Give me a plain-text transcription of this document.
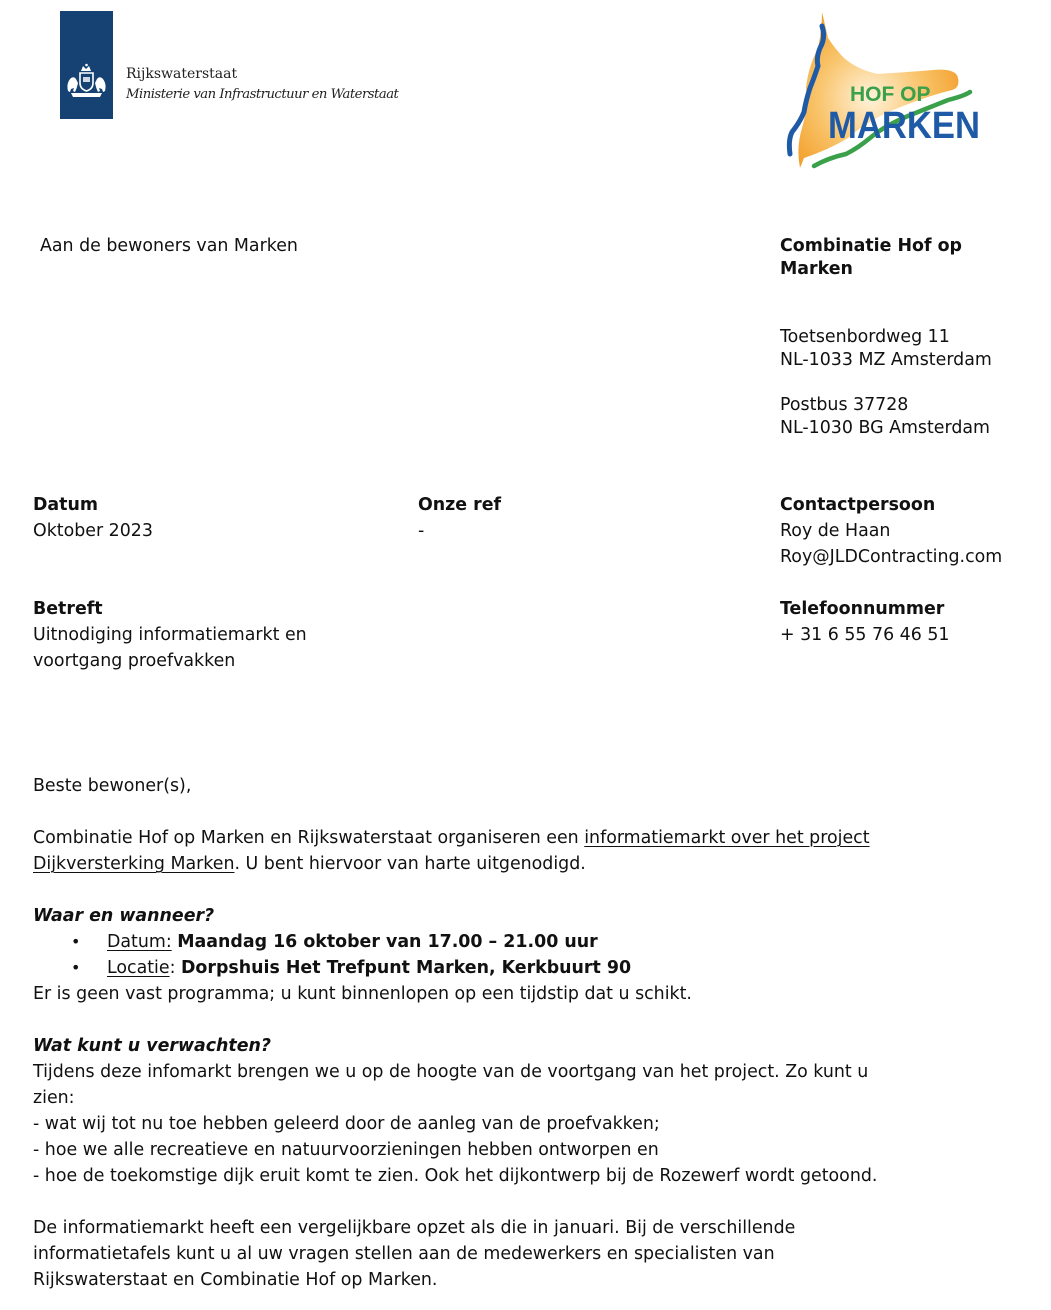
Rijkswaterstaat
Ministerie van Infrastructuur en Waterstaat	HOF OP
MARKEN
Aan de bewoners van Marken	Combinatie Hof op
Marken
Toetsenbordweg 11
NL-1033 MZ Amsterdam
Postbus 37728
NL-1030 BG Amsterdam
Datum
Oktober 2023
Onze ref
-
Contactpersoon
Roy de Haan
Roy@JLDContracting.com
Betreft
Uitnodiging informatiemarkt en
voortgang proefvakken
Telefoonnummer
+ 31 6 55 76 46 51
Beste bewoner(s),
Combinatie Hof op Marken en Rijkswaterstaat organiseren een informatiemarkt over het project
Dijkversterking Marken. U bent hiervoor van harte uitgenodigd.
Waar en wanneer?
• Datum: Maandag 16 oktober van 17.00 – 21.00 uur
• Locatie: Dorpshuis Het Trefpunt Marken, Kerkbuurt 90
Er is geen vast programma; u kunt binnenlopen op een tijdstip dat u schikt.
Wat kunt u verwachten?
Tijdens deze infomarkt brengen we u op de hoogte van de voortgang van het project. Zo kunt u
zien:
- wat wij tot nu toe hebben geleerd door de aanleg van de proefvakken;
- hoe we alle recreatieve en natuurvoorzieningen hebben ontworpen en
- hoe de toekomstige dijk eruit komt te zien. Ook het dijkontwerp bij de Rozewerf wordt getoond.
De informatiemarkt heeft een vergelijkbare opzet als die in januari. Bij de verschillende
informatietafels kunt u al uw vragen stellen aan de medewerkers en specialisten van
Rijkswaterstaat en Combinatie Hof op Marken.
